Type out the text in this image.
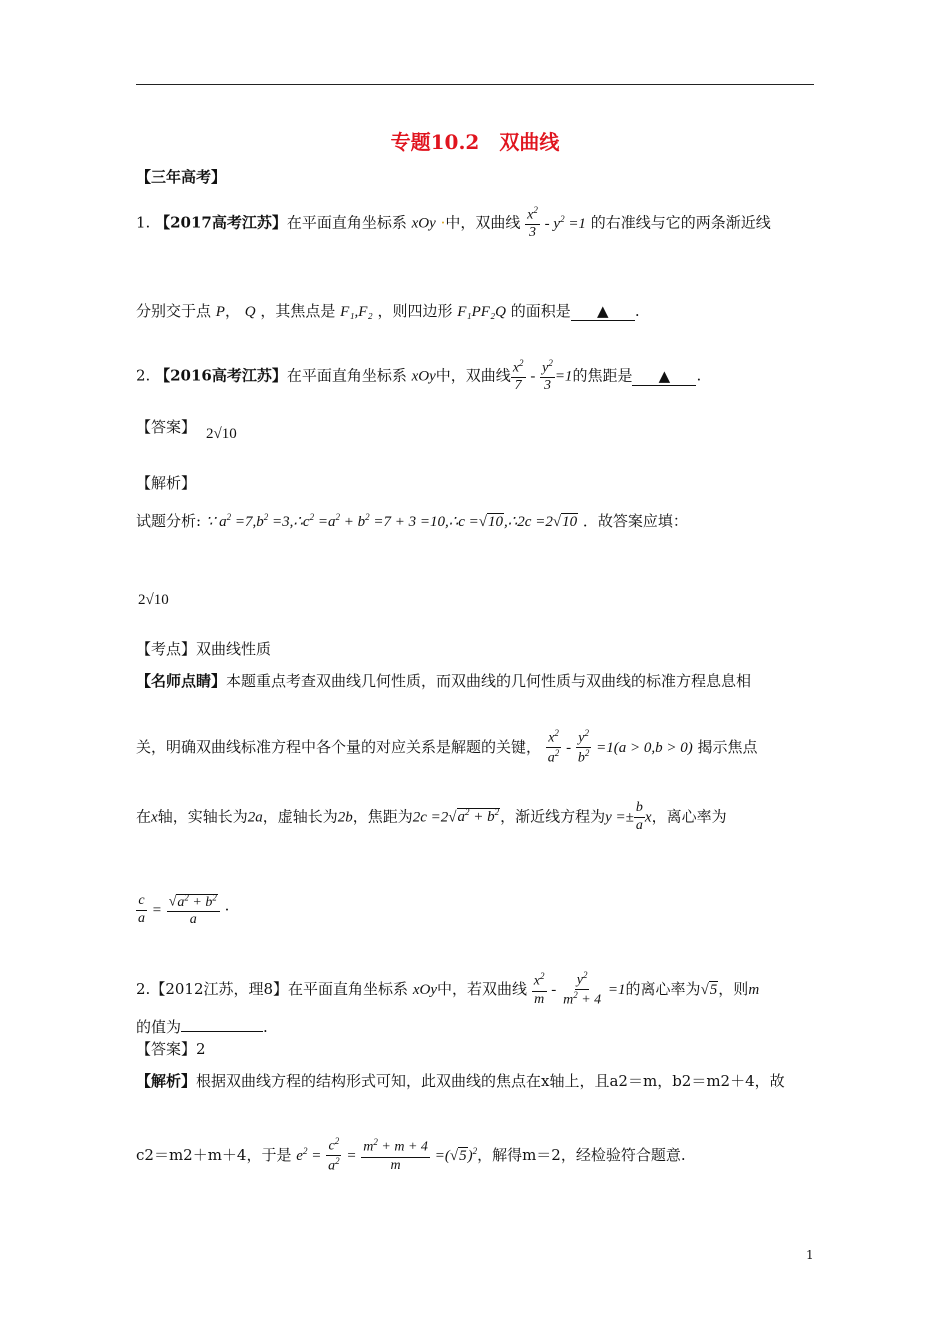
专题10.2　双曲线
【三年高考】
1. 【2017高考江苏】在平面直角坐标系 xOy ·中，双曲线 $\frac{x^2}{3} - y^2 =1$ 的右准线与它的两条渐近线
分别交于点 P， Q ，其焦点是 F₁,F₂ ，则四边形 F₁PF₂Q 的面积是 ▲ .
2. 【2016高考江苏】在平面直角坐标系 xOy中，双曲线 $\frac{x^2}{7} - \frac{y^2}{3} =1$的焦距是 ▲ .
【答案】 2√10
【解析】
试题分析: ∵ $a^2 =7,b^2$ $=3,\therefore c^2 =a^2 + b^2 =7 + 3$ =10,∴c =√10,∴2c =2√10 ．故答案应填：
2√10
【考点】双曲线性质
【名师点睛】本题重点考查双曲线几何性质，而双曲线的几何性质与双曲线的标准方程息息相
关，明确双曲线标准方程中各个量的对应关系是解题的关键， $\frac{x^2}{a^2} - \frac{y^2}{b^2} =1(a > 0,b > 0)$ 揭示焦点
在x轴，实轴长为2a，虚轴长为2b，焦距为$2c =2√a^2 + b^2$，渐近线方程为$y =\pm \frac{b}{a}$ x，离心率为
$\frac{c}{a} = \frac{√a^2 + b^2}{a}$ ·
2.【2012江苏，理8】在平面直角坐标系 xOy中，若双曲线 $\frac{x^2}{m} - \frac{y^2}{m^2 + 4} =1$的离心率为√5，则m
的值为	.
【答案】2
【解析】根据双曲线方程的结构形式可知，此双曲线的焦点在x轴上，且a2＝m，b2＝m2＋4，故
c2＝m2＋m＋4，于是 $e^2 = \frac{c^2}{a^2} = \frac{m^2 + m + 4}{m} =(√5)^2$，解得m＝2，经检验符合题意.
1
